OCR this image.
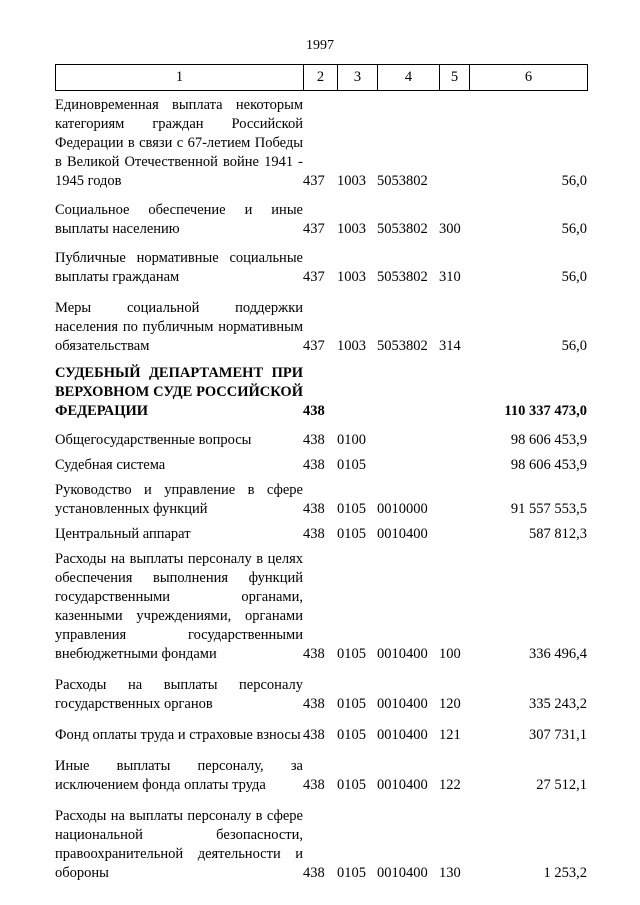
1997
1	2	3	4	5	6
Единовременная выплата некоторым категориям граждан Российской Федерации в связи с 67-летием Победы в Великой Отечественной войне 1941 - 1945 годов	437	1003	5053802		56,0
Социальное обеспечение и иные выплаты населению	437	1003	5053802	300	56,0
Публичные нормативные социальные выплаты гражданам	437	1003	5053802	310	56,0
Меры социальной поддержки населения по публичным нормативным обязательствам	437	1003	5053802	314	56,0
СУДЕБНЫЙ ДЕПАРТАМЕНТ ПРИ ВЕРХОВНОМ СУДЕ РОССИЙСКОЙ ФЕДЕРАЦИИ	438				110 337 473,0
Общегосударственные вопросы	438	0100			98 606 453,9
Судебная система	438	0105			98 606 453,9
Руководство и управление в сфере установленных функций	438	0105	0010000		91 557 553,5
Центральный аппарат	438	0105	0010400		587 812,3
Расходы на выплаты персоналу в целях обеспечения выполнения функций государственными органами, казенными учреждениями, органами управления государственными внебюджетными фондами	438	0105	0010400	100	336 496,4
Расходы на выплаты персоналу государственных органов	438	0105	0010400	120	335 243,2
Фонд оплаты труда и страховые взносы	438	0105	0010400	121	307 731,1
Иные выплаты персоналу, за исключением фонда оплаты труда	438	0105	0010400	122	27 512,1
Расходы на выплаты персоналу в сфере национальной безопасности, правоохранительной деятельности и обороны	438	0105	0010400	130	1 253,2
